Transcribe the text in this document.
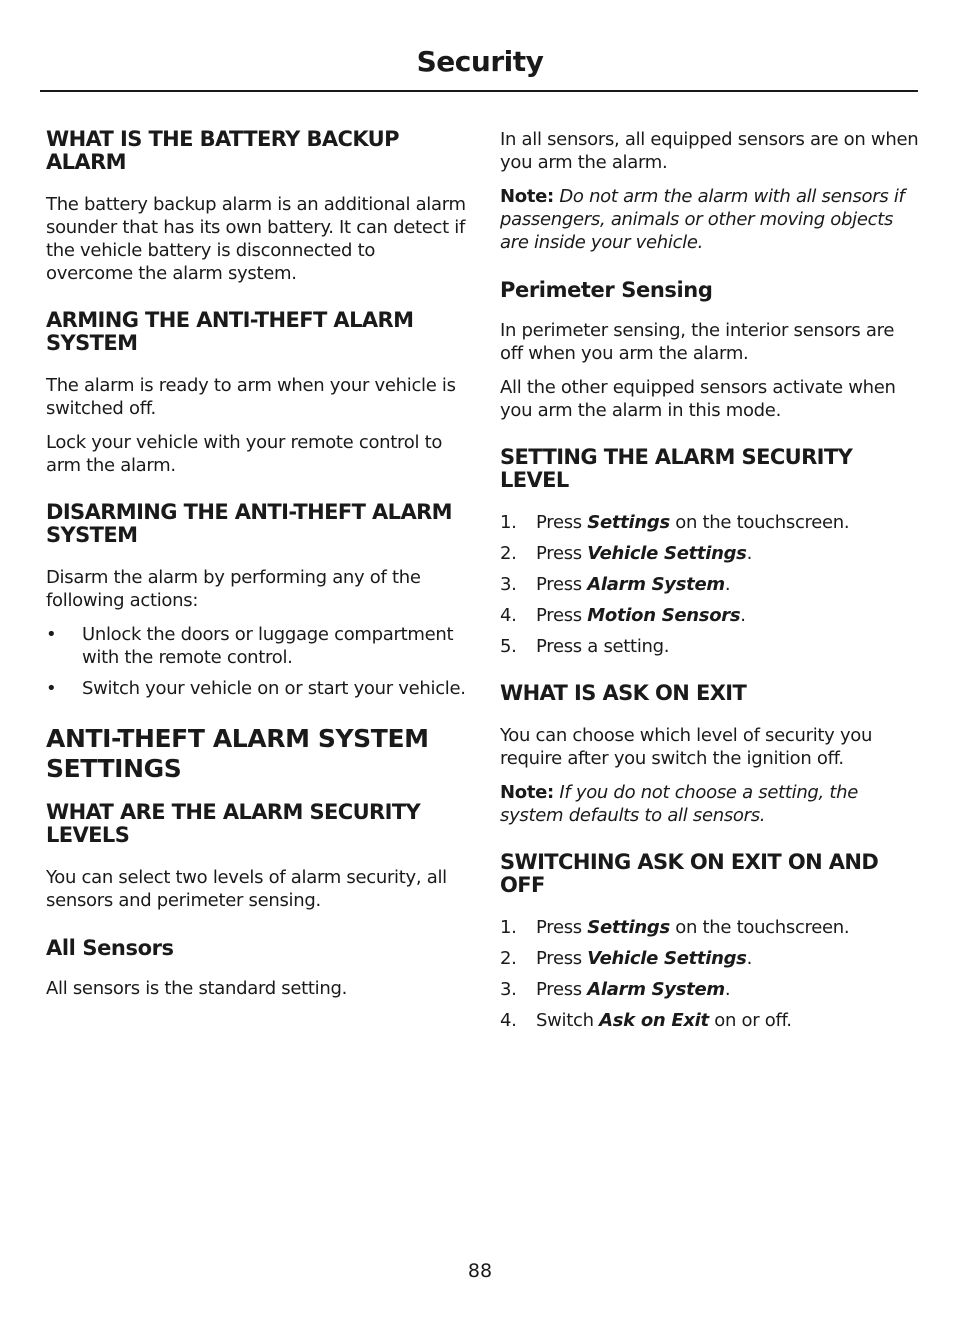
Security
WHAT IS THE BATTERY BACKUP ALARM

The battery backup alarm is an additional alarm sounder that has its own battery. It can detect if the vehicle battery is disconnected to overcome the alarm system.

ARMING THE ANTI-THEFT ALARM SYSTEM

The alarm is ready to arm when your vehicle is switched off.

Lock your vehicle with your remote control to arm the alarm.

DISARMING THE ANTI-THEFT ALARM SYSTEM

Disarm the alarm by performing any of the following actions:

• Unlock the doors or luggage compartment with the remote control.
• Switch your vehicle on or start your vehicle.
ANTI-THEFT ALARM SYSTEM SETTINGS
WHAT ARE THE ALARM SECURITY LEVELS

You can select two levels of alarm security, all sensors and perimeter sensing.

All Sensors

All sensors is the standard setting.

In all sensors, all equipped sensors are on when you arm the alarm.

Note: Do not arm the alarm with all sensors if passengers, animals or other moving objects are inside your vehicle.

Perimeter Sensing

In perimeter sensing, the interior sensors are off when you arm the alarm.

All the other equipped sensors activate when you arm the alarm in this mode.

SETTING THE ALARM SECURITY LEVEL
1. Press Settings on the touchscreen.
2. Press Vehicle Settings.
3. Press Alarm System.
4. Press Motion Sensors.
5. Press a setting.
WHAT IS ASK ON EXIT

You can choose which level of security you require after you switch the ignition off.

Note: If you do not choose a setting, the system defaults to all sensors.

SWITCHING ASK ON EXIT ON AND OFF
1. Press Settings on the touchscreen.
2. Press Vehicle Settings.
3. Press Alarm System.
4. Switch Ask on Exit on or off.
88
